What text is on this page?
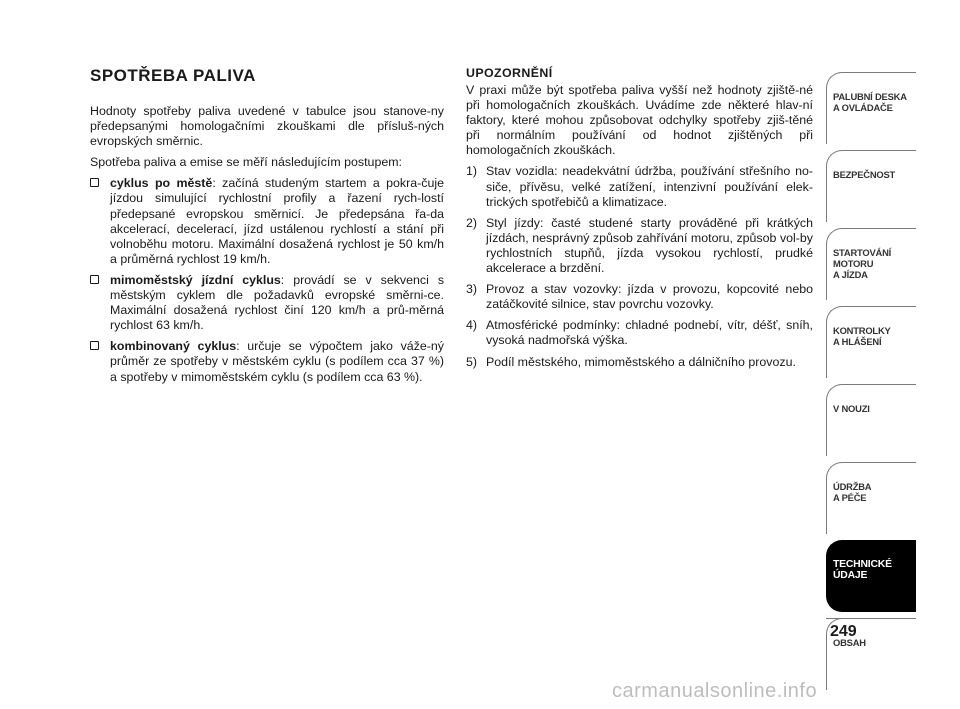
SPOTŘEBA PALIVA

Hodnoty spotřeby paliva uvedené v tabulce jsou stanove-ny předepsanými homologačními zkouškami dle přísluš-ných evropských směrnic.

Spotřeba paliva a emise se měří následujícím postupem:

cyklus po městě: začíná studeným startem a pokra-čuje jízdou simulující rychlostní profily a řazení rych-lostí předepsané evropskou směrnicí. Je předepsána řa-da akcelerací, decelerací, jízd ustálenou rychlostí a stání při volnoběhu motoru. Maximální dosažená rychlost je 50 km/h a průměrná rychlost 19 km/h.
mimoměstský jízdní cyklus: provádí se v sekvenci s městským cyklem dle požadavků evropské směrni-ce. Maximální dosažená rychlost činí 120 km/h a prů-měrná rychlost 63 km/h.
kombinovaný cyklus: určuje se výpočtem jako váže-ný průměr ze spotřeby v městském cyklu (s podílem cca 37 %) a spotřeby v mimoměstském cyklu (s podílem cca 63 %).
UPOZORNĚNÍ

V praxi může být spotřeba paliva vyšší než hodnoty zjiště-né při homologačních zkouškách. Uvádíme zde některé hlav-ní faktory, které mohou způsobovat odchylky spotřeby zjiš-těné při normálním používání od hodnot zjištěných při homologačních zkouškách.

1) Stav vozidla: neadekvátní údržba, používání střešního no-siče, přívěsu, velké zatížení, intenzivní používání elek-trických spotřebičů a klimatizace.
2) Styl jízdy: časté studené starty prováděné při krátkých jízdách, nesprávný způsob zahřívání motoru, způsob vol-by rychlostních stupňů, jízda vysokou rychlostí, prudké akcelerace a brzdění.
3) Provoz a stav vozovky: jízda v provozu, kopcovité nebo zatáčkovité silnice, stav povrchu vozovky.
4) Atmosférické podmínky: chladné podnebí, vítr, déšť, sníh, vysoká nadmořská výška.
5) Podíl městského, mimoměstského a dálničního provozu.
PALUBNÍ DESKA
A OVLÁDAČE
BEZPEČNOST
STARTOVÁNÍ
MOTORU
A JÍZDA
KONTROLKY
A HLÁŠENÍ
V NOUZI
ÚDRŽBA
A PÉČE
TECHNICKÉ
ÚDAJE
OBSAH
249
carmanualsonline.info
